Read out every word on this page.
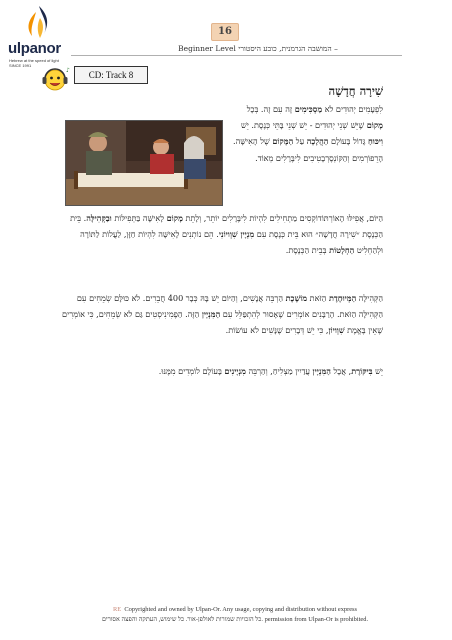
ulpanor
Hebrew at the speed of light
SINCE 1991
16
Beginner Level המושבה הגרמנית, כובע היסטורי –
♪	CD: Track 8
שִׁירָה חֲדָשָׁה

לִפְעָמִים יְהוּדִים לֹא מַסְכִּימִים זֶה עִם זֶה. בְּכָל מָקוֹם שֶׁיֵּשׁ שְׁנֵי יְהוּדִים - יֵשׁ שְׁנֵי בָּתֵּי כְּנֶסֶת. יֵשׁ וִיכּוּחַ גָּדוֹל בָּעוֹלָם הַהֲלָכָה עַל הַמָּקוֹם שֶׁל הָאִישָּׁה. הָרֵפוֹרְמִים וְהַקּוֹנְסֶרְבָטִיבִים לִיבֶּרָלִים מְאוֹד.

הַיּוֹם, אֲפִילּוּ הָאוֹרְתּוֹדוֹקְסִים מַתְחִילִים לִהְיוֹת לִיבֶּרָלִים יוֹתֵר, וְלָתֵת מָקוֹם לָאִישָּׁה בַּתְּפִילּוֹת וּבַקְּהִילָּה. בֵּית הַכְּנֶסֶת ״שִׁירָה חֲדָשָׁה״ הוּא בֵּית כְּנֶסֶת עִם מִנְיָין שִׁוְויוֹנִי. הֵם נוֹתְנִים לָאִישָּׁה לִהְיוֹת חַזָּן, לַעֲלוֹת לַתּוֹרָה וּלְהַחְלִיט הַחְלָטוֹת בְּבֵית הַכְּנֶסֶת.

הַקְּהִילָּה הַמְּיוּחֶדֶת הַזֹּאת מוֹשֶׁכֶת הַרְבֵּה אֲנָשִׁים, וְהַיּוֹם יֵשׁ בָּהּ כְּבָר 400 חֲבֵרִים. לֹא כּוּלָּם שְׂמֵחִים עִם הַקְּהִילָּה הַזֹּאת. הָרַבָּנִים אוֹמְרִים שֶׁאָסוּר לְהִתְפַּלֵּל עִם הַמִּנְיָין הַזֶּה. הַפֶמִינִיסְטִים גַּם לֹא שְׂמֵחִים, כִּי אוֹמְרִים שֶׁאֵין בֶּאֱמֶת שִׁוְויוֹן, כִּי יֵשׁ דְּבָרִים שֶׁנָּשִׁים לֹא עוֹשׂוֹת.

יֵשׁ בִּיקּוֹרֶת, אֲבָל הַמִּנְיָין עֲדַיִין מַצְלִיחַ, וְהַרְבֵּה מִנְיָינִים בָּעוֹלָם לוֹמְדִים מִמֶּנּוּ.

RE Copyrighted and owned by Ulpan-Or. Any usage, copying and distribution without express
כל הזכויות שמורות לאולפן-אור. כל שימוש, העתקה והפצה אסורים. permission from Ulpan-Or is prohibited.
